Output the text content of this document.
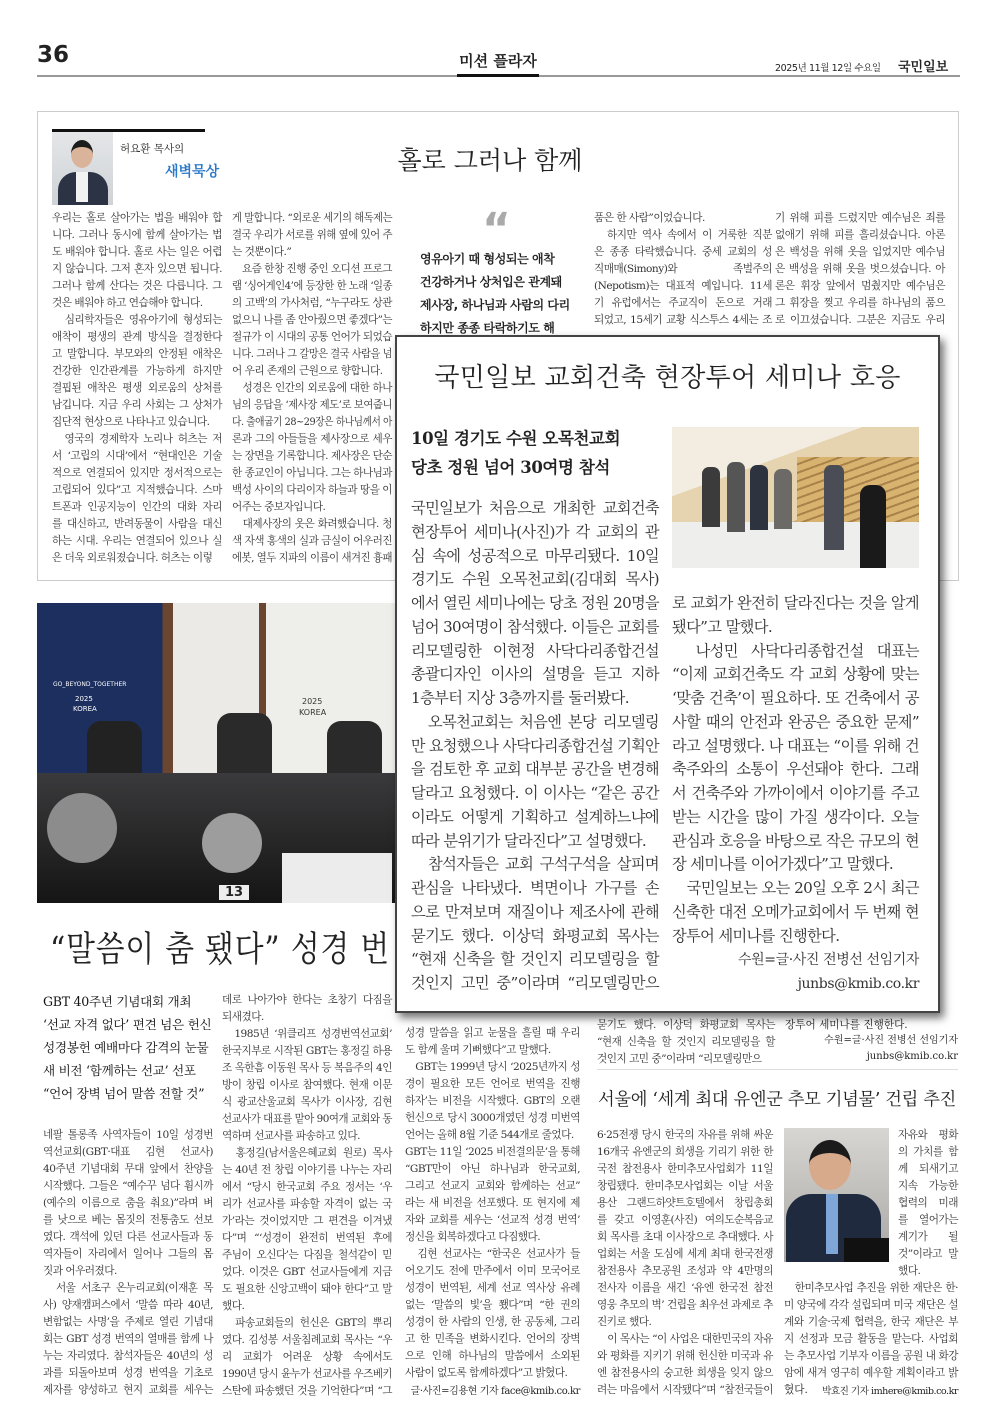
36	미션 플라자	2025년 11월 12일 수요일 국민일보
허요환 목사의
새벽묵상	홀로 그러나 함께
우리는 홀로 살아가는 법을 배워야 합
니다. 그러나 동시에 함께 살아가는 법
도 배워야 합니다. 홀로 사는 일은 어렵
지 않습니다. 그저 혼자 있으면 됩니다.
그러나 함께 산다는 것은 다릅니다. 그
것은 배워야 하고 연습해야 합니다.
　심리학자들은 영유아기에 형성되는
애착이 평생의 관계 방식을 결정한다
고 말합니다. 부모와의 안정된 애착은
건강한 인간관계를 가능하게 하지만
결핍된 애착은 평생 외로움의 상처를
남깁니다. 지금 우리 사회는 그 상처가
집단적 현상으로 나타나고 있습니다.
　영국의 경제학자 노리나 허츠는 저
서 ‘고립의 시대’에서 “현대인은 기술
적으로 연결되어 있지만 정서적으로는
고립되어 있다”고 지적했습니다. 스마
트폰과 인공지능이 인간의 대화 자리
를 대신하고, 반려동물이 사람을 대신
하는 시대. 우리는 연결되어 있으나 실
은 더욱 외로워졌습니다. 허츠는 이렇
게 말합니다. “외로운 세기의 해독제는
결국 우리가 서로를 위해 옆에 있어 주
는 것뿐이다.”
　요즘 한창 진행 중인 오디션 프로그
램 ‘싱어게인4’에 등장한 한 노래 ‘일종
의 고백’의 가사처럼, “누구라도 상관
없으니 나를 좀 안아줬으면 좋겠다”는
절규가 이 시대의 공통 언어가 되었습
니다. 그러나 그 갈망은 결국 사람을 넘
어 우리 존재의 근원으로 향합니다.
　성경은 인간의 외로움에 대한 하나
님의 응답을 ‘제사장 제도’로 보여줍니
다. 출애굽기 28~29장은 하나님께서 아
론과 그의 아들들을 제사장으로 세우
는 장면을 기록합니다. 제사장은 단순
한 종교인이 아닙니다. 그는 하나님과
백성 사이의 다리이자 하늘과 땅을 이
어주는 중보자입니다.
　대제사장의 옷은 화려했습니다. 청
색 자색 홍색의 실과 금실이 어우러진
에봇, 열두 지파의 이름이 새겨진 흉패
“
영유아기 때 형성되는 애착
건강하거나 상처입은 관계돼
제사장, 하나님과 사람의 다리
하지만 종종 타락하기도 해
품은 한 사람”이었습니다.
　하지만 역사 속에서 이 거룩한 직분
은 종종 타락했습니다. 중세 교회의 성
직매매(Simony)와 족벌주의
(Nepotism)는 대표적 예입니다. 11세
기 유럽에서는 주교직이 돈으로 거래
되었고, 15세기 교황 식스투스 4세는 조
기 위해 피를 드렸지만 예수님은 죄를
없애기 위해 피를 흘리셨습니다. 아론
은 백성을 위해 옷을 입었지만 예수님
은 백성을 위해 옷을 벗으셨습니다. 아
론은 휘장 앞에서 멈췄지만 예수님은
그 휘장을 찢고 우리를 하나님의 품으
로 이끄셨습니다. 그분은 지금도 우리
GO_BEYOND_TOGETHER
2025
KOREA
2025
KOREA
13
“말씀이 춤 됐다” 성경 번
GBT 40주년 기념대회 개최
‘선교 자격 없다’ 편견 넘은 헌신
성경봉헌 예배마다 감격의 눈물
새 비전 ‘함께하는 선교’ 선포
“언어 장벽 넘어 말씀 전할 것”
네팔 톨롱족 사역자들이 10일 성경번
역선교회(GBT·대표 김현 선교사)
40주년 기념대회 무대 앞에서 찬양을
시작했다. 그들은 “예수꾸 넘다 휨시까
(예수의 이름으로 춤을 춰요)”라며 벼
를 낫으로 베는 몸짓의 전통춤도 선보
였다. 객석에 있던 다른 선교사들과 동
역자들이 자리에서 일어나 그들의 몸
짓과 어우러졌다.
　서울 서초구 온누리교회(이재훈 목
사) 양재캠퍼스에서 ‘말씀 따라 40년,
변함없는 사명’을 주제로 열린 기념대
회는 GBT 성경 번역의 열매를 함께 나
누는 자리였다. 참석자들은 40년의 성
과를 되돌아보며 성경 번역을 기초로
제자를 양성하고 현지 교회를 세우는
데로 나아가야 한다는 초창기 다짐을
되새겼다.
　1985년 ‘위클리프 성경번역선교회’
한국지부로 시작된 GBT는 홍정길 하용
조 옥한흠 이동원 목사 등 복음주의 4인
방이 창립 이사로 참여했다. 현재 이문
식 광교산울교회 목사가 이사장, 김현
선교사가 대표를 맡아 90여개 교회와 동
역하며 선교사를 파송하고 있다.
　홍정길(남서울은혜교회 원로) 목사
는 40년 전 창립 이야기를 나누는 자리
에서 “당시 한국교회 주요 정서는 ‘우
리가 선교사를 파송할 자격이 없는 국
가’라는 것이었지만 그 편견을 이겨냈
다”며 “‘성경이 완전히 번역된 후에
주님이 오신다’는 다짐을 철석같이 믿
었다. 이것은 GBT 선교사들에게 지금
도 필요한 신앙고백이 돼야 한다”고 말
했다.
　파송교회들의 헌신은 GBT의 뿌리
였다. 김성봉 서울침례교회 목사는 “우
리 교회가 어려운 상황 속에서도
1990년 당시 윤누가 선교사를 우즈베키
스탄에 파송했던 것을 기억한다”며 “그
성경 말씀을 읽고 눈물을 흘릴 때 우리
도 함께 울며 기뻐했다”고 말했다.
　GBT는 1999년 당시 ‘2025년까지 성
경이 필요한 모든 언어로 번역을 진행
하자’는 비전을 시작했다. GBT의 오랜
헌신으로 당시 3000개였던 성경 미번역
언어는 올해 8월 기준 544개로 줄었다.
GBT는 11일 ‘2025 비전결의문’을 통해
“GBT만이 아닌 하나님과 한국교회,
그리고 선교지 교회와 함께하는 선교”
라는 새 비전을 선포했다. 또 현지에 제
자와 교회를 세우는 ‘선교적 성경 번역’
정신을 회복하겠다고 다짐했다.
　김현 선교사는 “한국은 선교사가 들
어오기도 전에 만주에서 이미 모국어로
성경이 번역된, 세계 선교 역사상 유례
없는 ‘말씀의 빛’을 쬈다”며 “한 권의
성경이 한 사람의 인생, 한 공동체, 그리
고 한 민족을 변화시킨다. 언어의 장벽
으로 인해 하나님의 말씀에서 소외된
사람이 없도록 함께하겠다”고 밝혔다.
글·사진=김용현 기자 face@kmib.co.kr
묻기도 했다. 이상덕 화평교회 목사는
“현재 신축을 할 것인지 리모델링을 할
것인지 고민 중”이라며 “리모델링만으
장투어 세미나를 진행한다.
수원=글·사진 전병선 선임기자
junbs@kmib.co.kr
서울에 ‘세계 최대 유엔군 추모 기념물’ 건립 추진
6·25전쟁 당시 한국의 자유를 위해 싸운
16개국 유엔군의 희생을 기리기 위한 한
국전 참전용사 한미추모사업회가 11일
창립됐다. 한미추모사업회는 이날 서울
용산 그랜드하얏트호텔에서 창립총회
를 갖고 이영훈(사진) 여의도순복음교
회 목사를 초대 이사장으로 추대했다. 사
업회는 서울 도심에 세계 최대 한국전쟁
참전용사 추모공원 조성과 약 4만명의
전사자 이름을 새긴 ‘유엔 한국전 참전
영웅 추모의 벽’ 건립을 최우선 과제로 추
진키로 했다.
　이 목사는 “이 사업은 대한민국의 자유
와 평화를 지키기 위해 헌신한 미국과 유
엔 참전용사의 숭고한 희생을 잊지 않으
려는 마음에서 시작됐다”며 “참전국들이
자유와 평화
의 가치를 함
께 되새기고
지속 가능한
협력의 미래
를 열어가는
계기가 될
것”이라고 말
했다.
　한미추모사업 추진을 위한 재단은 한·
미 양국에 각각 설립되며 미국 재단은 설
계와 기술·국제 협력을, 한국 재단은 부
지 선정과 모금 활동을 맡는다. 사업회
는 추모사업 기부자 이름을 공원 내 화강
암에 새겨 영구히 예우할 계획이라고 밝
혔다. 박효진 기자 imhere@kmib.co.kr
국민일보 교회건축 현장투어 세미나 호응
10일 경기도 수원 오목천교회
당초 정원 넘어 30여명 참석
국민일보가 처음으로 개최한 교회건축
현장투어 세미나(사진)가 각 교회의 관
심 속에 성공적으로 마무리됐다. 10일
경기도 수원 오목천교회(김대회 목사)
에서 열린 세미나에는 당초 정원 20명을
넘어 30여명이 참석했다. 이들은 교회를
리모델링한 이현정 사닥다리종합건설
총괄디자인 이사의 설명을 듣고 지하
1층부터 지상 3층까지를 둘러봤다.
　오목천교회는 처음엔 본당 리모델링
만 요청했으나 사닥다리종합건설 기획안
을 검토한 후 교회 대부분 공간을 변경해
달라고 요청했다. 이 이사는 “같은 공간
이라도 어떻게 기획하고 설계하느냐에
따라 분위기가 달라진다”고 설명했다.
　참석자들은 교회 구석구석을 살피며
관심을 나타냈다. 벽면이나 가구를 손
으로 만져보며 재질이나 제조사에 관해
묻기도 했다. 이상덕 화평교회 목사는
“현재 신축을 할 것인지 리모델링을 할
것인지 고민 중”이라며 “리모델링만으
로 교회가 완전히 달라진다는 것을 알게
됐다”고 말했다.
　나성민 사닥다리종합건설 대표는
“이제 교회건축도 각 교회 상황에 맞는
‘맞춤 건축’이 필요하다. 또 건축에서 공
사할 때의 안전과 완공은 중요한 문제”
라고 설명했다. 나 대표는 “이를 위해 건
축주와의 소통이 우선돼야 한다. 그래
서 건축주와 가까이에서 이야기를 주고
받는 시간을 많이 가질 생각이다. 오늘
관심과 호응을 바탕으로 작은 규모의 현
장 세미나를 이어가겠다”고 말했다.
　국민일보는 오는 20일 오후 2시 최근
신축한 대전 오메가교회에서 두 번째 현
장투어 세미나를 진행한다.
수원=글·사진 전병선 선임기자
junbs@kmib.co.kr
